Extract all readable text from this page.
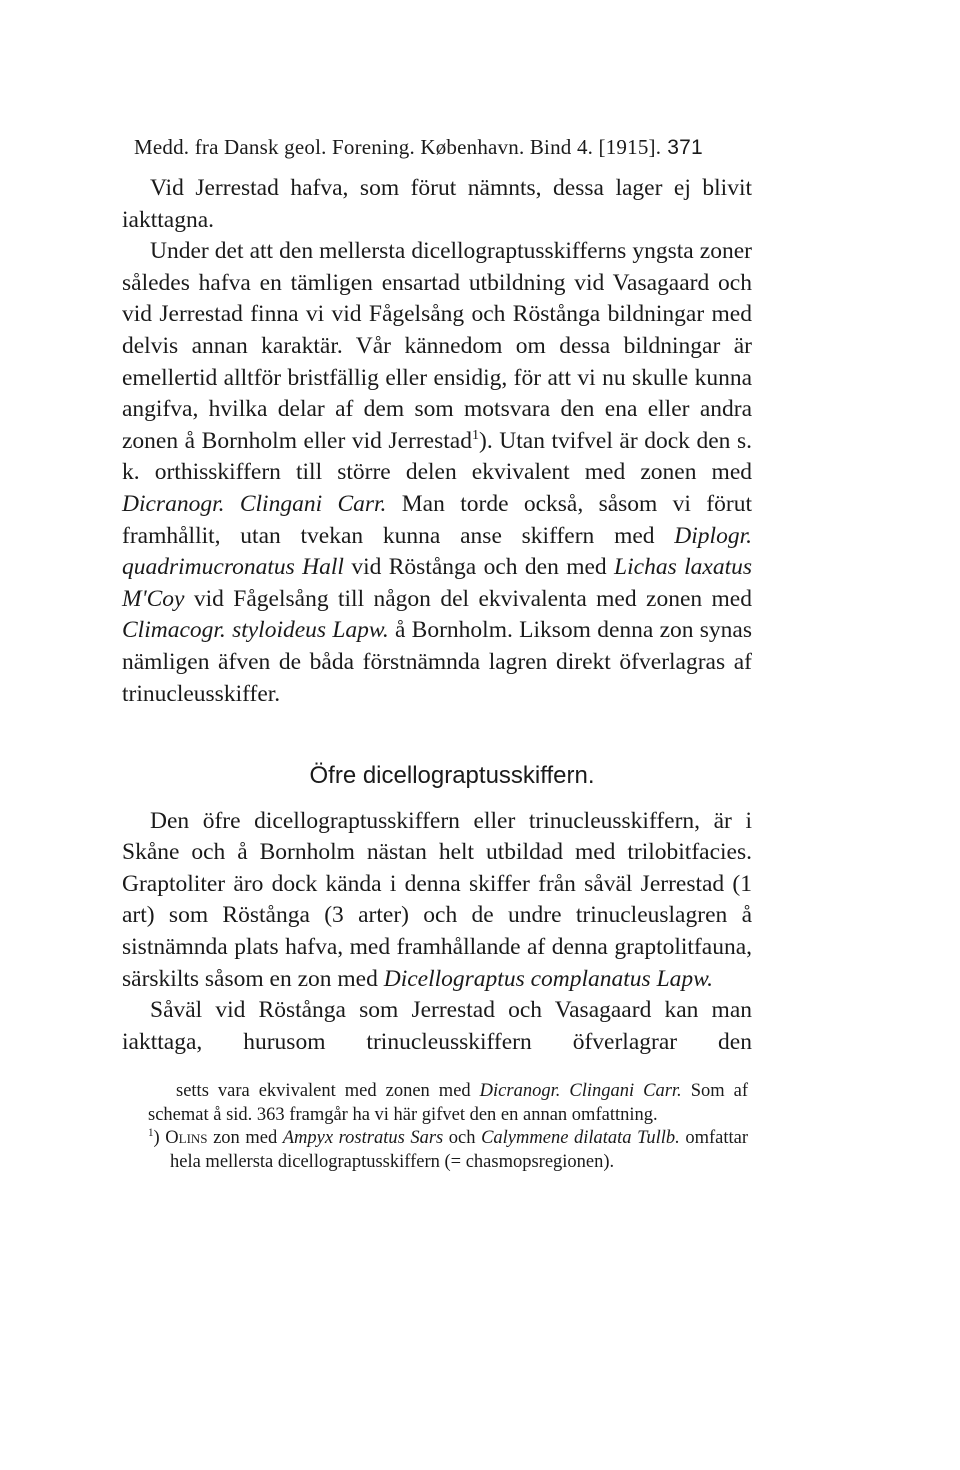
Medd. fra Dansk geol. Forening. København. Bind 4. [1915]. 371

Vid Jerrestad hafva, som förut nämnts, dessa lager ej blivit iakttagna.

Under det att den mellersta dicellograptusskifferns yngsta zoner således hafva en tämligen ensartad utbildning vid Vasagaard och vid Jerrestad finna vi vid Fågelsång och Röstånga bildningar med delvis annan karaktär. Vår kännedom om dessa bildningar är emellertid alltför bristfällig eller ensidig, för att vi nu skulle kunna angifva, hvilka delar af dem som motsvara den ena eller andra zonen å Bornholm eller vid Jerrestad$^1$). Utan tvifvel är dock den s. k. orthisskiffern till större delen ekvivalent med zonen med Dicranogr. Clingani Carr. Man torde också, såsom vi förut framhållit, utan tvekan kunna anse skiffern med Diplogr. quadrimucronatus Hall vid Röstånga och den med Lichas laxatus M'Coy vid Fågelsång till någon del ekvivalenta med zonen med Climacogr. styloideus Lapw. å Bornholm. Liksom denna zon synas nämligen äfven de båda förstnämnda lagren direkt öfverlagras af trinucleusskiffer.

Öfre dicellograptusskiffern.

Den öfre dicellograptusskiffern eller trinucleusskiffern, är i Skåne och å Bornholm nästan helt utbildad med trilobitfacies. Graptoliter äro dock kända i denna skiffer från såväl Jerrestad (1 art) som Röstånga (3 arter) och de undre trinucleuslagren å sistnämnda plats hafva, med framhållande af denna graptolitfauna, särskilts såsom en zon med Dicellograptus complanatus Lapw.

Såväl vid Röstånga som Jerrestad och Vasagaard kan man iakttaga, hurusom trinucleusskiffern öfverlagrar den

setts vara ekvivalent med zonen med Dicranogr. Clingani Carr. Som af schemat å sid. 363 framgår ha vi här gifvet den en annan omfattning.

$^1$) Olins zon med Ampyx rostratus Sars och Calymmene dilatata Tullb. omfattar hela mellersta dicellograptusskiffern (= chasmopsregionen).
